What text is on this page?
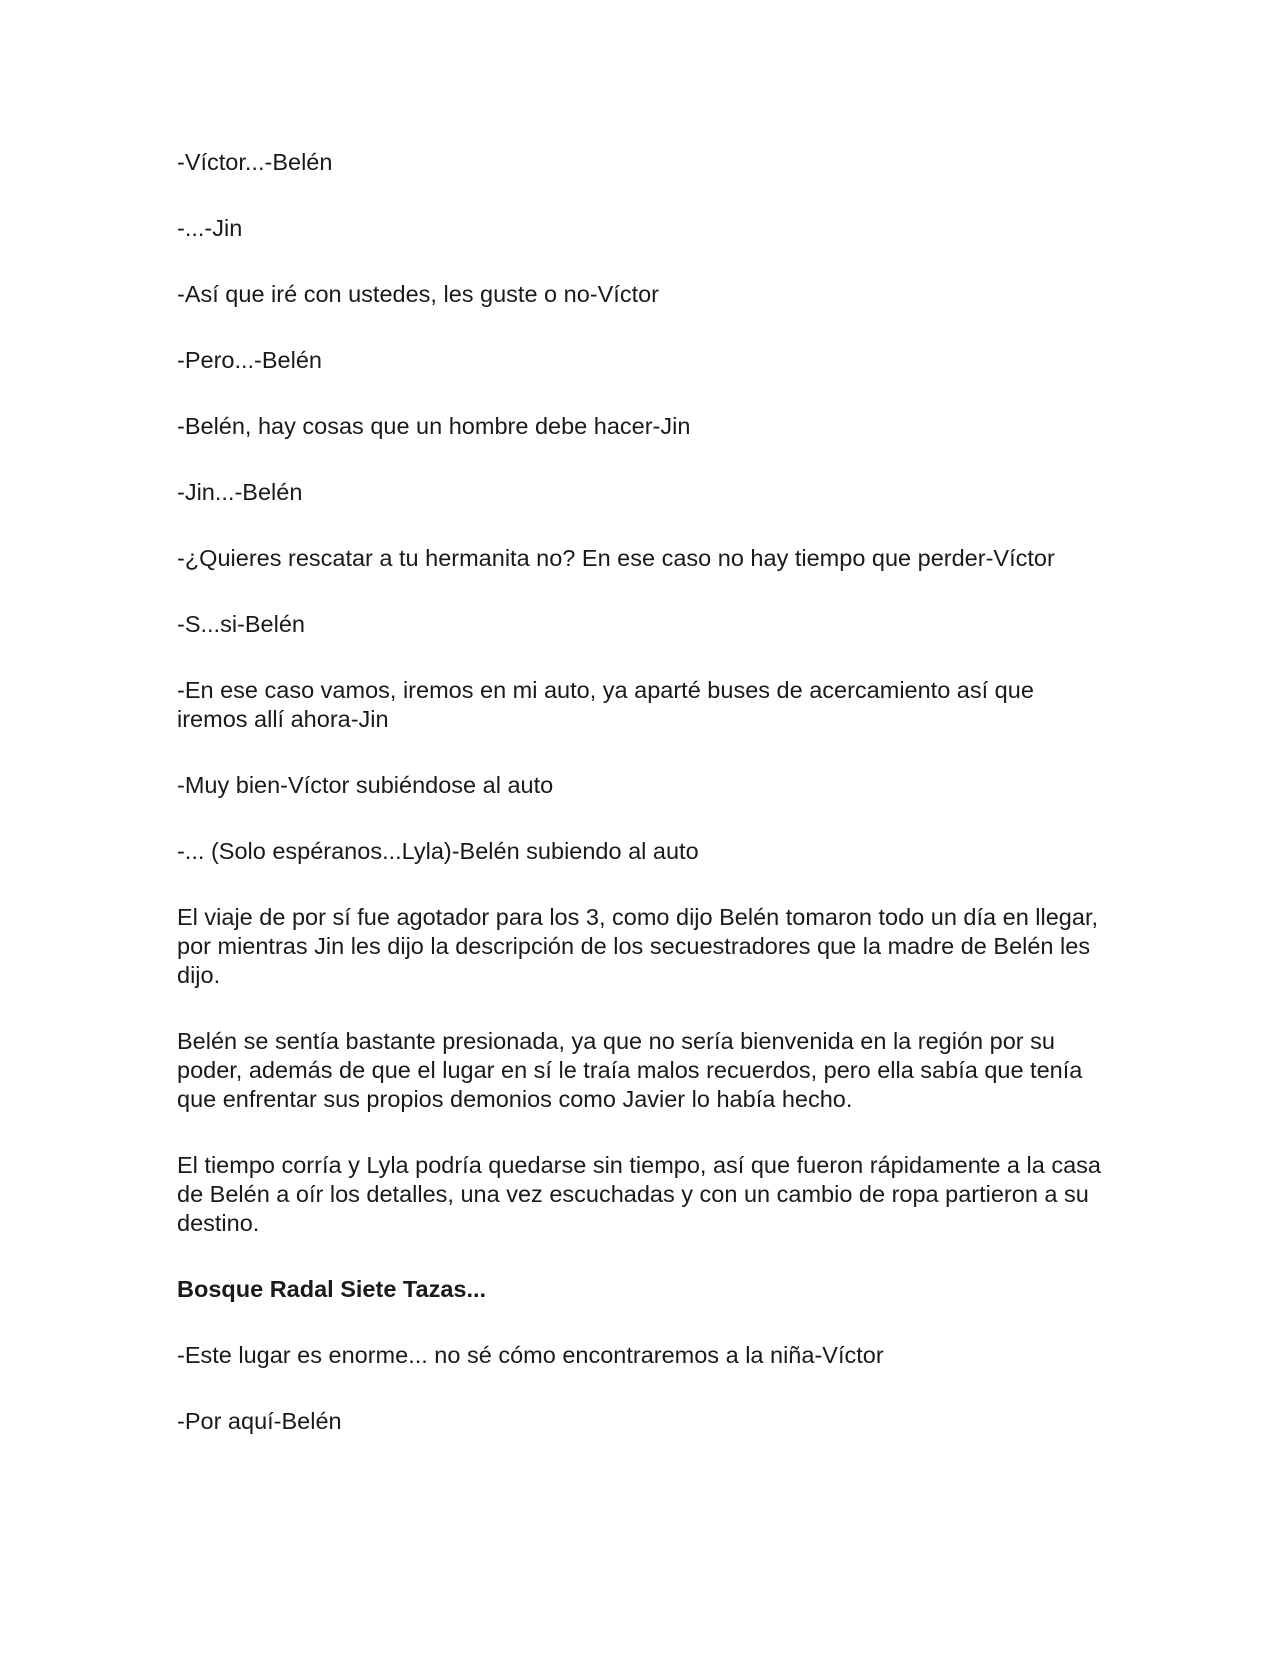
-Víctor...-Belén

-...-Jin

-Así que iré con ustedes, les guste o no-Víctor

-Pero...-Belén

-Belén, hay cosas que un hombre debe hacer-Jin

-Jin...-Belén

-¿Quieres rescatar a tu hermanita no? En ese caso no hay tiempo que perder-Víctor

-S...si-Belén

-En ese caso vamos, iremos en mi auto, ya aparté buses de acercamiento así que iremos allí ahora-Jin

-Muy bien-Víctor subiéndose al auto

-... (Solo espéranos...Lyla)-Belén subiendo al auto

El viaje de por sí fue agotador para los 3, como dijo Belén tomaron todo un día en llegar, por mientras Jin les dijo la descripción de los secuestradores que la madre de Belén les dijo.

Belén se sentía bastante presionada, ya que no sería bienvenida en la región por su poder, además de que el lugar en sí le traía malos recuerdos, pero ella sabía que tenía que enfrentar sus propios demonios como Javier lo había hecho.

El tiempo corría y Lyla podría quedarse sin tiempo, así que fueron rápidamente a la casa de Belén a oír los detalles, una vez escuchadas y con un cambio de ropa partieron a su destino.

Bosque Radal Siete Tazas...

-Este lugar es enorme... no sé cómo encontraremos a la niña-Víctor

-Por aquí-Belén
